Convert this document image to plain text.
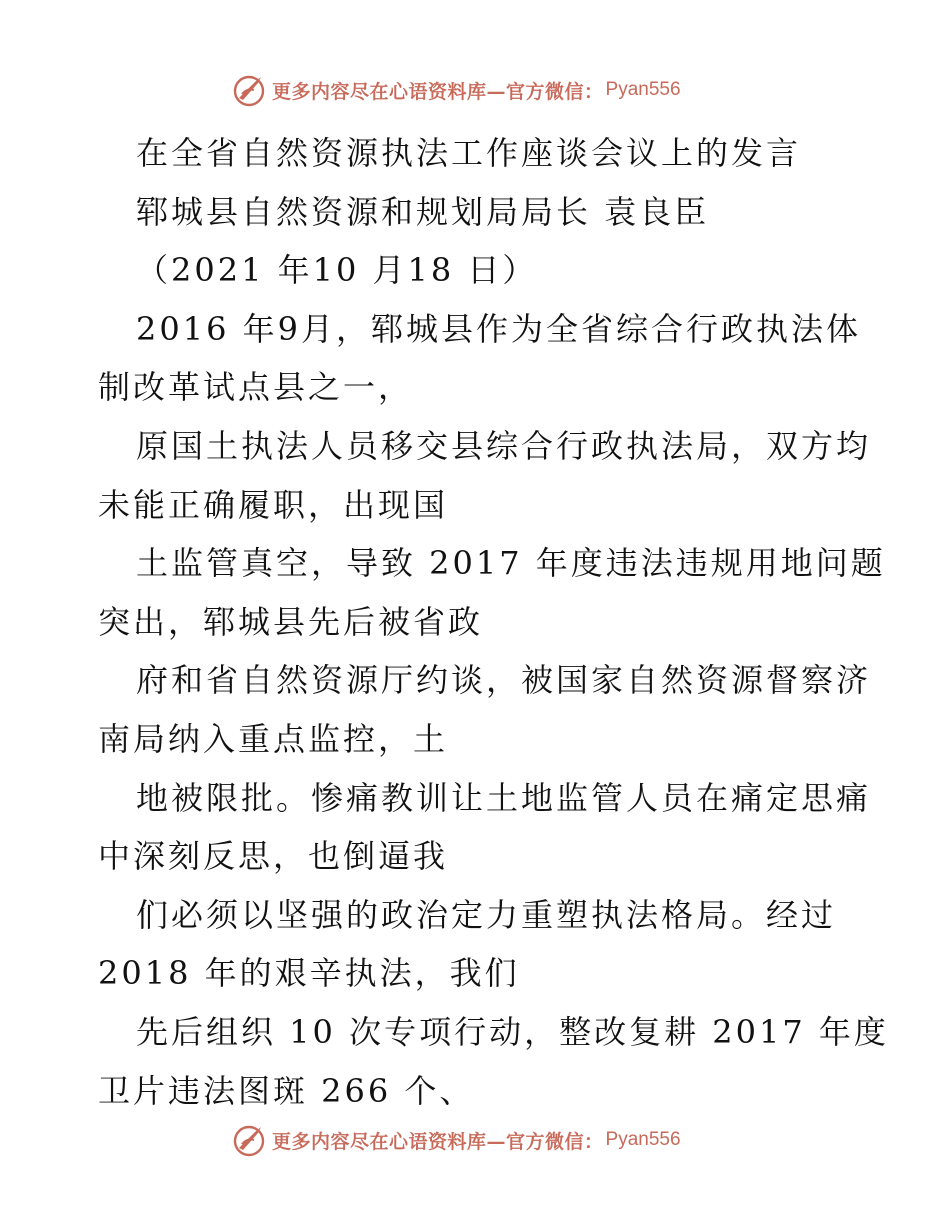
更多内容尽在心语资料库—官方微信： Pyan556
在全省自然资源执法工作座谈会议上的发言
郓城县自然资源和规划局局长 袁良臣
（2021 年10 月18 日）
2016 年9月，郓城县作为全省综合行政执法体
制改革试点县之一，
原国土执法人员移交县综合行政执法局，双方均
未能正确履职，出现国
土监管真空，导致 2017 年度违法违规用地问题
突出，郓城县先后被省政
府和省自然资源厅约谈，被国家自然资源督察济
南局纳入重点监控，土
地被限批。惨痛教训让土地监管人员在痛定思痛
中深刻反思，也倒逼我
们必须以坚强的政治定力重塑执法格局。经过
2018 年的艰辛执法，我们
先后组织 10 次专项行动，整改复耕 2017 年度
卫片违法图斑 266 个、
更多内容尽在心语资料库—官方微信： Pyan556
